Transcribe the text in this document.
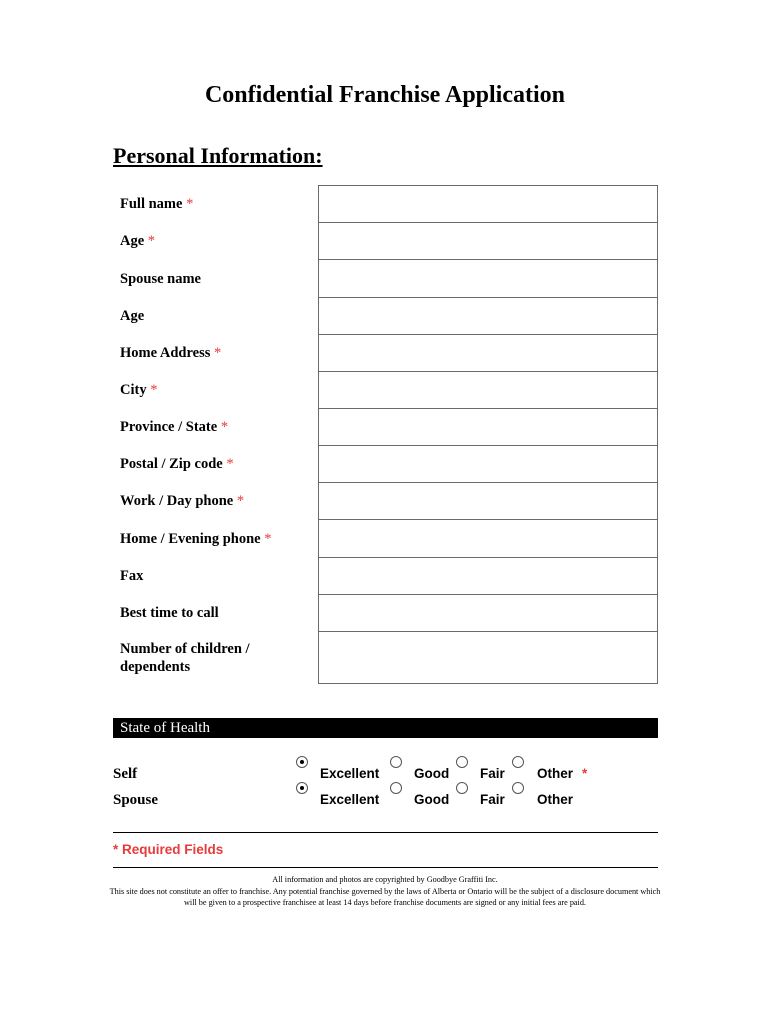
Confidential Franchise Application
Personal Information:
Full name *	
Age *	
Spouse name	
Age	
Home Address *	
City *	
Province / State *	
Postal / Zip code *	
Work / Day phone *	
Home / Evening phone *	
Fax	
Best time to call	
Number of children / dependents	
State of Health
Self	Excellent	Good Fair Other *
Spouse	Excellent	Good Fair Other
* Required Fields
All information and photos are copyrighted by Goodbye Graffiti Inc.
This site does not constitute an offer to franchise. Any potential franchise governed by the laws of Alberta or Ontario will be the subject of a disclosure document which will be given to a prospective franchisee at least 14 days before franchise documents are signed or any initial fees are paid.
